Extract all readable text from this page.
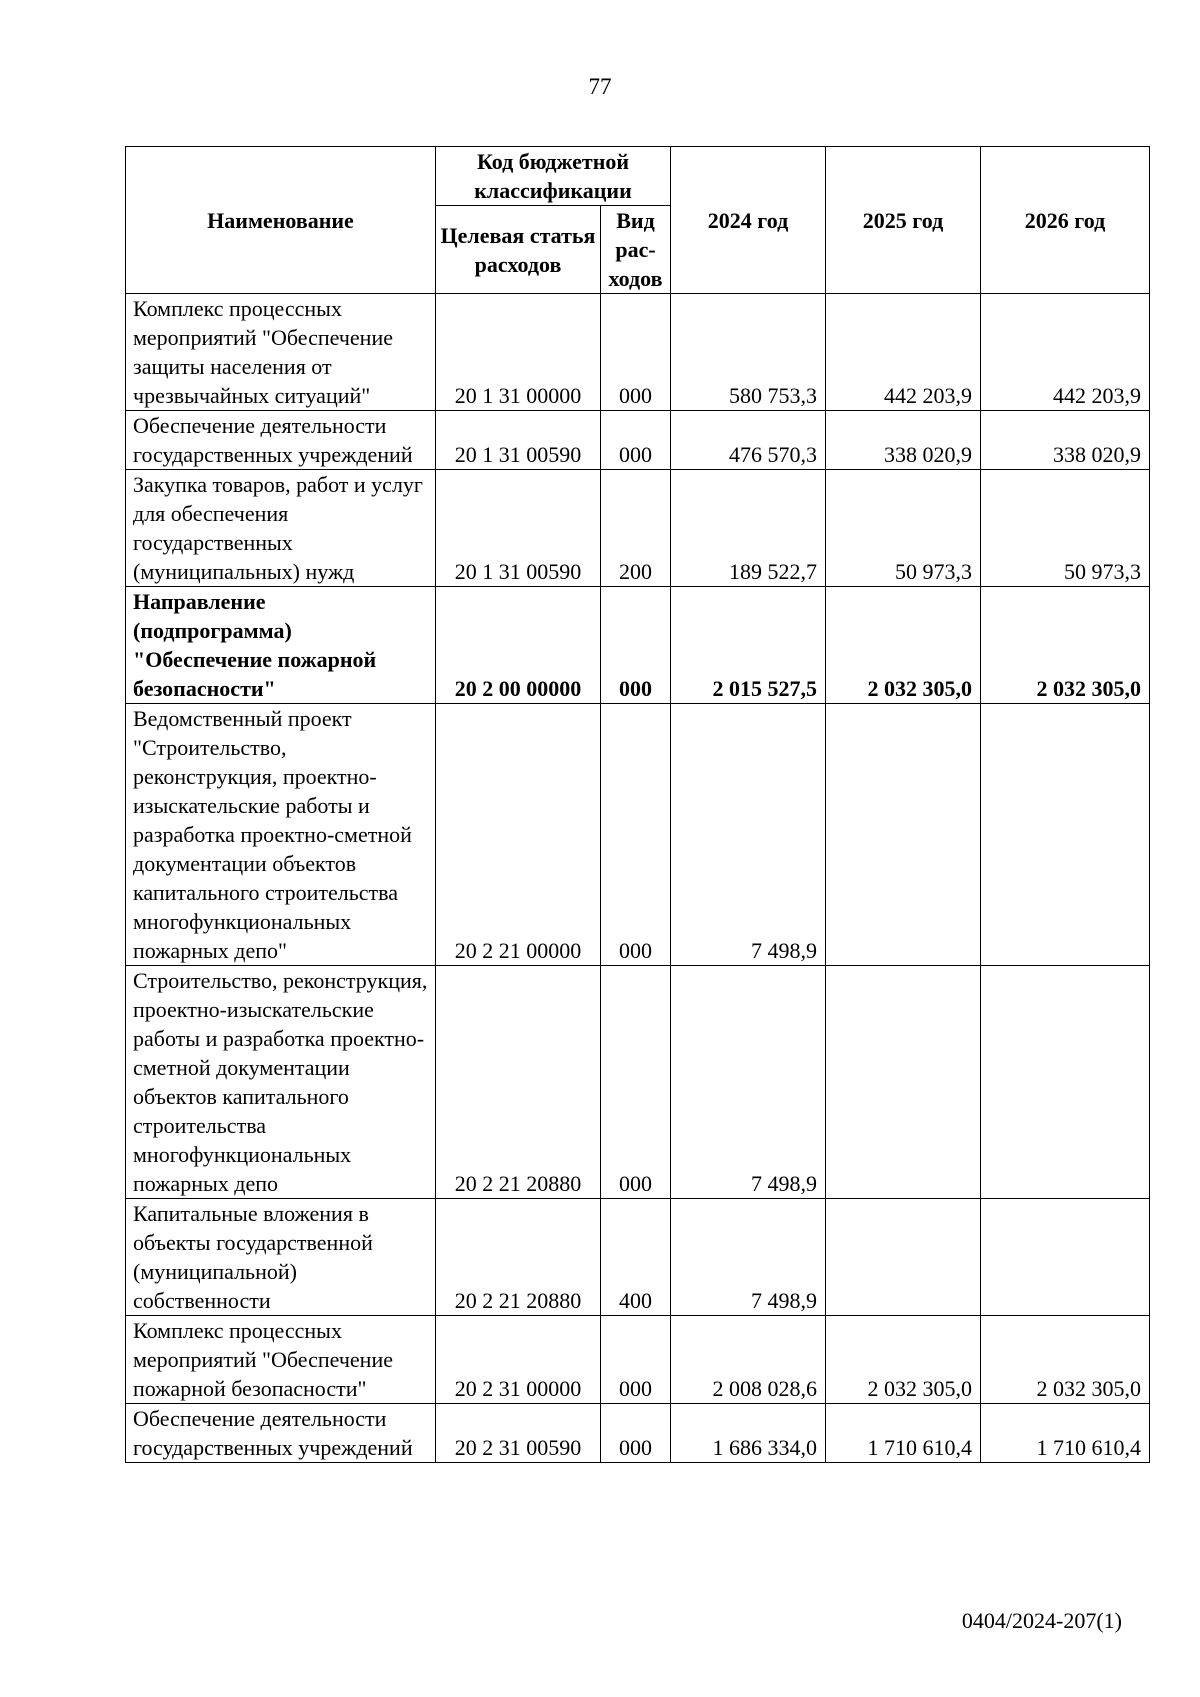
77
Наименование	Код бюджетной классификации		2024 год	2025 год	2026 год
	Целевая статья расходов	Вид рас-ходов			
Комплекс процессных мероприятий "Обеспечение защиты населения от чрезвычайных ситуаций"	20 1 31 00000	000	580 753,3	442 203,9	442 203,9
Обеспечение деятельности государственных учреждений	20 1 31 00590	000	476 570,3	338 020,9	338 020,9
Закупка товаров, работ и услуг для обеспечения государственных (муниципальных) нужд	20 1 31 00590	200	189 522,7	50 973,3	50 973,3
Направление (подпрограмма) "Обеспечение пожарной безопасности"	20 2 00 00000	000	2 015 527,5	2 032 305,0	2 032 305,0
Ведомственный проект "Строительство, реконструкция, проектно-изыскательские работы и разработка проектно-сметной документации объектов капитального строительства многофункциональных пожарных депо"	20 2 21 00000	000	7 498,9		
Строительство, реконструкция, проектно-изыскательские работы и разработка проектно-сметной документации объектов капитального строительства многофункциональных пожарных депо	20 2 21 20880	000	7 498,9		
Капитальные вложения в объекты государственной (муниципальной) собственности	20 2 21 20880	400	7 498,9		
Комплекс процессных мероприятий "Обеспечение пожарной безопасности"	20 2 31 00000	000	2 008 028,6	2 032 305,0	2 032 305,0
Обеспечение деятельности государственных учреждений	20 2 31 00590	000	1 686 334,0	1 710 610,4	1 710 610,4
0404/2024-207(1)
